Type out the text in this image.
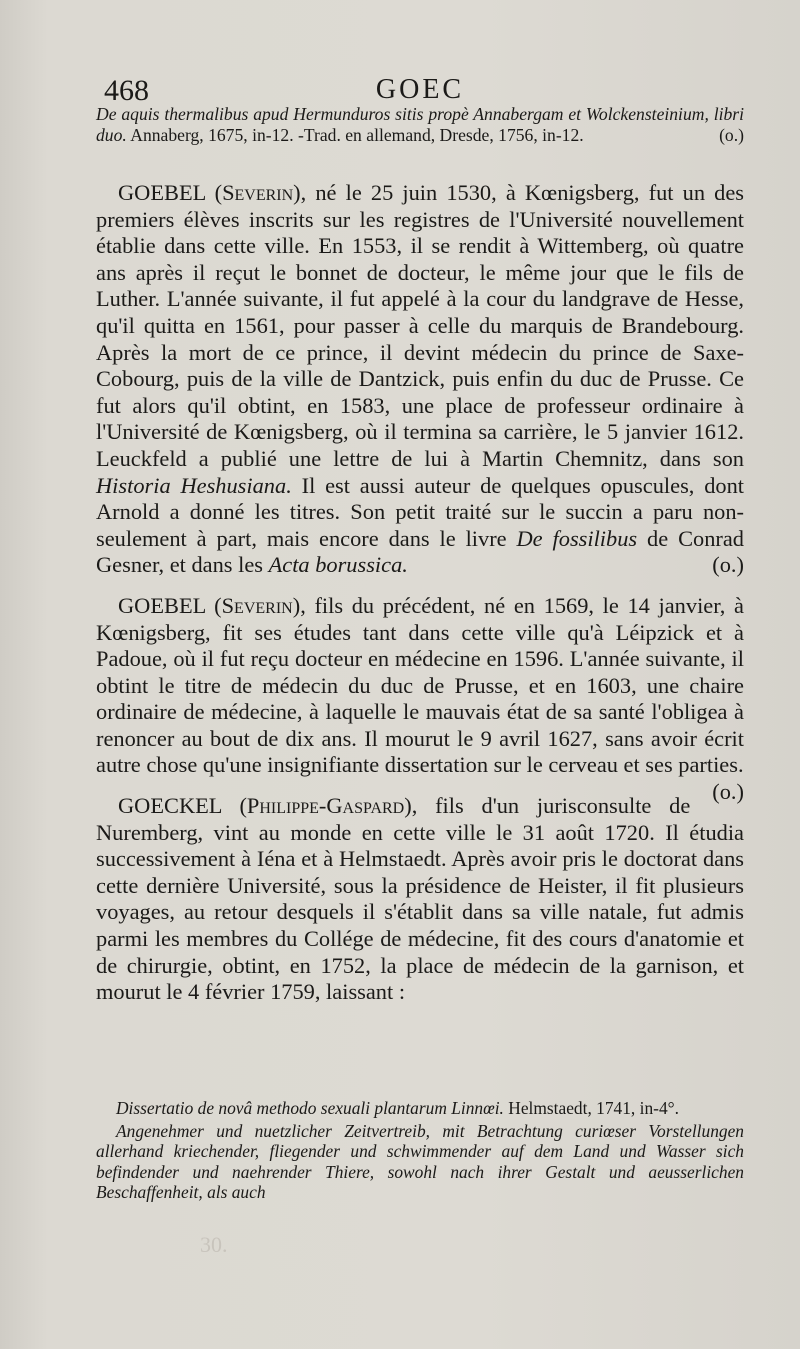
468	GOEC

De aquis thermalibus apud Hermunduros sitis propè Annabergam et Wolckensteinium, libri duo. Annaberg, 1675, in-12. -Trad. en allemand, Dresde, 1756, in-12.	(o.)

GOEBEL (Severin), né le 25 juin 1530, à Kœnigsberg, fut un des premiers élèves inscrits sur les registres de l'Université nouvellement établie dans cette ville. En 1553, il se rendit à Wittemberg, où quatre ans après il reçut le bonnet de docteur, le même jour que le fils de Luther. L'année suivante, il fut appelé à la cour du landgrave de Hesse, qu'il quitta en 1561, pour passer à celle du marquis de Brandebourg. Après la mort de ce prince, il devint médecin du prince de Saxe-Cobourg, puis de la ville de Dantzick, puis enfin du duc de Prusse. Ce fut alors qu'il obtint, en 1583, une place de professeur ordinaire à l'Université de Kœnigsberg, où il termina sa carrière, le 5 janvier 1612. Leuckfeld a publié une lettre de lui à Martin Chemnitz, dans son Historia Heshusiana. Il est aussi auteur de quelques opuscules, dont Arnold a donné les titres. Son petit traité sur le succin a paru non-seulement à part, mais encore dans le livre De fossilibus de Conrad Gesner, et dans les Acta borussica.	(o.)

GOEBEL (Severin), fils du précédent, né en 1569, le 14 janvier, à Kœnigsberg, fit ses études tant dans cette ville qu'à Léipzick et à Padoue, où il fut reçu docteur en médecine en 1596. L'année suivante, il obtint le titre de médecin du duc de Prusse, et en 1603, une chaire ordinaire de médecine, à laquelle le mauvais état de sa santé l'obligea à renoncer au bout de dix ans. Il mourut le 9 avril 1627, sans avoir écrit autre chose qu'une insignifiante dissertation sur le cerveau et ses parties.
(o.)

GOECKEL (Philippe-Gaspard), fils d'un jurisconsulte de Nuremberg, vint au monde en cette ville le 31 août 1720. Il étudia successivement à Iéna et à Helmstaedt. Après avoir pris le doctorat dans cette dernière Université, sous la présidence de Heister, il fit plusieurs voyages, au retour desquels il s'établit dans sa ville natale, fut admis parmi les membres du Collége de médecine, fit des cours d'anatomie et de chirurgie, obtint, en 1752, la place de médecin de la garnison, et mourut le 4 février 1759, laissant :

Dissertatio de novâ methodo sexuali plantarum Linnœi. Helmstaedt, 1741, in-4°.

Angenehmer und nuetzlicher Zeitvertreib, mit Betrachtung curiœser Vorstellungen allerhand kriechender, fliegender und schwimmender auf dem Land und Wasser sich befindender und naehrender Thiere, sowohl nach ihrer Gestalt und aeusserlichen Beschaffenheit, als auch

30.
